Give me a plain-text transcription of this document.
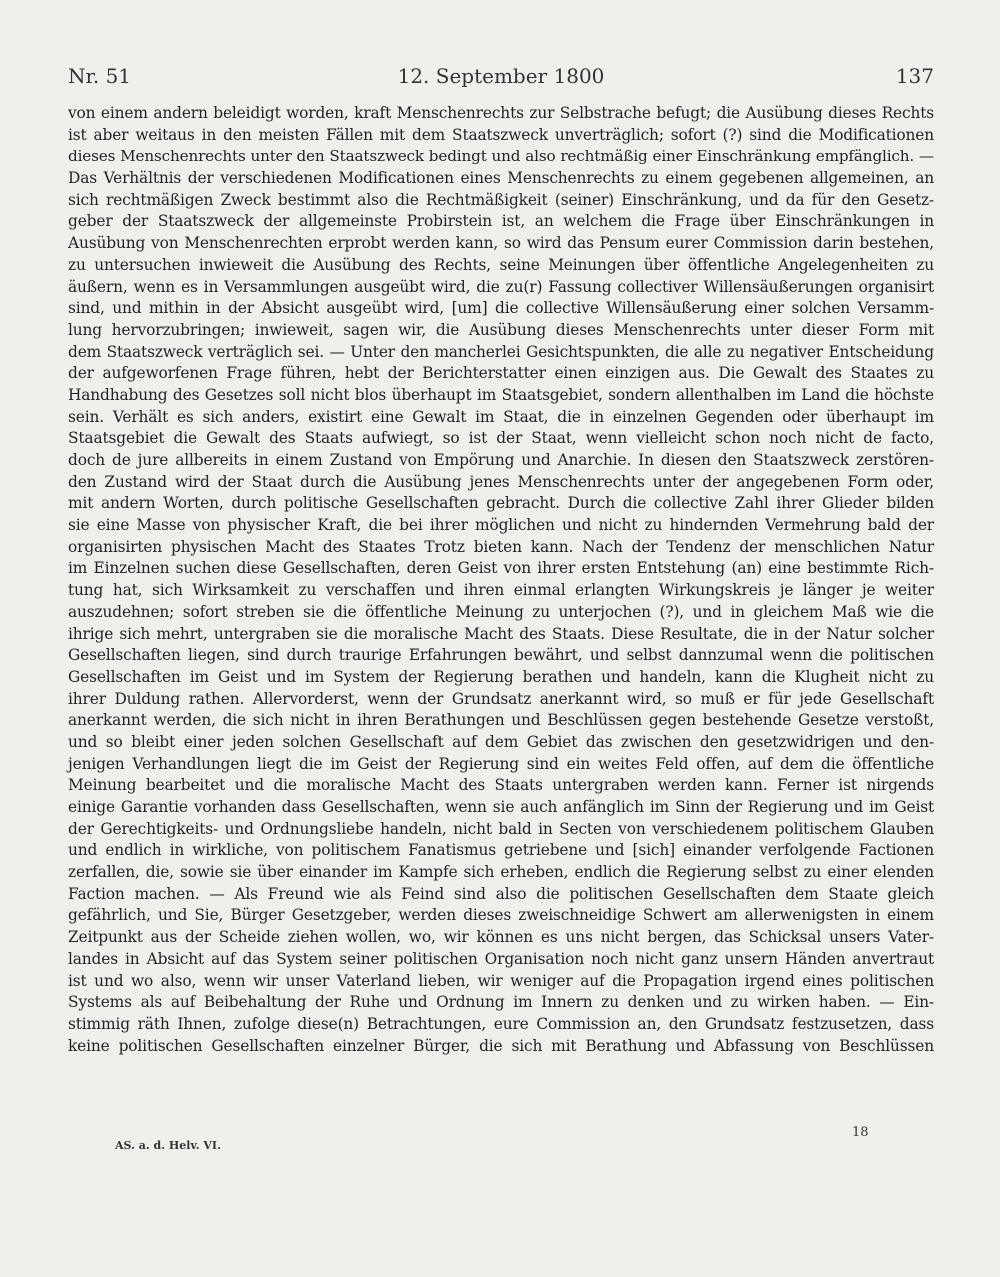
Nr. 51	12. September 1800	137
von einem andern beleidigt worden, kraft Menschenrechts zur Selbstrache befugt; die Ausübung dieses Rechts
ist aber weitaus in den meisten Fällen mit dem Staatszweck unverträglich; sofort (?) sind die Modificationen
dieses Menschenrechts unter den Staatszweck bedingt und also rechtmäßig einer Einschränkung empfänglich. —
Das Verhältnis der verschiedenen Modificationen eines Menschenrechts zu einem gegebenen allgemeinen, an
sich rechtmäßigen Zweck bestimmt also die Rechtmäßigkeit (seiner) Einschränkung, und da für den Gesetz-
geber der Staatszweck der allgemeinste Probirstein ist, an welchem die Frage über Einschränkungen in
Ausübung von Menschenrechten erprobt werden kann, so wird das Pensum eurer Commission darin bestehen,
zu untersuchen inwieweit die Ausübung des Rechts, seine Meinungen über öffentliche Angelegenheiten zu
äußern, wenn es in Versammlungen ausgeübt wird, die zu(r) Fassung collectiver Willensäußerungen organisirt
sind, und mithin in der Absicht ausgeübt wird, [um] die collective Willensäußerung einer solchen Versamm-
lung hervorzubringen; inwieweit, sagen wir, die Ausübung dieses Menschenrechts unter dieser Form mit
dem Staatszweck verträglich sei. — Unter den mancherlei Gesichtspunkten, die alle zu negativer Entscheidung
der aufgeworfenen Frage führen, hebt der Berichterstatter einen einzigen aus. Die Gewalt des Staates zu
Handhabung des Gesetzes soll nicht blos überhaupt im Staatsgebiet, sondern allenthalben im Land die höchste
sein. Verhält es sich anders, existirt eine Gewalt im Staat, die in einzelnen Gegenden oder überhaupt im
Staatsgebiet die Gewalt des Staats aufwiegt, so ist der Staat, wenn vielleicht schon noch nicht de facto,
doch de jure allbereits in einem Zustand von Empörung und Anarchie. In diesen den Staatszweck zerstören-
den Zustand wird der Staat durch die Ausübung jenes Menschenrechts unter der angegebenen Form oder,
mit andern Worten, durch politische Gesellschaften gebracht. Durch die collective Zahl ihrer Glieder bilden
sie eine Masse von physischer Kraft, die bei ihrer möglichen und nicht zu hindernden Vermehrung bald der
organisirten physischen Macht des Staates Trotz bieten kann. Nach der Tendenz der menschlichen Natur
im Einzelnen suchen diese Gesellschaften, deren Geist von ihrer ersten Entstehung (an) eine bestimmte Rich-
tung hat, sich Wirksamkeit zu verschaffen und ihren einmal erlangten Wirkungskreis je länger je weiter
auszudehnen; sofort streben sie die öffentliche Meinung zu unterjochen (?), und in gleichem Maß wie die
ihrige sich mehrt, untergraben sie die moralische Macht des Staats. Diese Resultate, die in der Natur solcher
Gesellschaften liegen, sind durch traurige Erfahrungen bewährt, und selbst dannzumal wenn die politischen
Gesellschaften im Geist und im System der Regierung berathen und handeln, kann die Klugheit nicht zu
ihrer Duldung rathen. Allervorderst, wenn der Grundsatz anerkannt wird, so muß er für jede Gesellschaft
anerkannt werden, die sich nicht in ihren Berathungen und Beschlüssen gegen bestehende Gesetze verstoßt,
und so bleibt einer jeden solchen Gesellschaft auf dem Gebiet das zwischen den gesetzwidrigen und den-
jenigen Verhandlungen liegt die im Geist der Regierung sind ein weites Feld offen, auf dem die öffentliche
Meinung bearbeitet und die moralische Macht des Staats untergraben werden kann. Ferner ist nirgends
einige Garantie vorhanden dass Gesellschaften, wenn sie auch anfänglich im Sinn der Regierung und im Geist
der Gerechtigkeits- und Ordnungsliebe handeln, nicht bald in Secten von verschiedenem politischem Glauben
und endlich in wirkliche, von politischem Fanatismus getriebene und [sich] einander verfolgende Factionen
zerfallen, die, sowie sie über einander im Kampfe sich erheben, endlich die Regierung selbst zu einer elenden
Faction machen. — Als Freund wie als Feind sind also die politischen Gesellschaften dem Staate gleich
gefährlich, und Sie, Bürger Gesetzgeber, werden dieses zweischneidige Schwert am allerwenigsten in einem
Zeitpunkt aus der Scheide ziehen wollen, wo, wir können es uns nicht bergen, das Schicksal unsers Vater-
landes in Absicht auf das System seiner politischen Organisation noch nicht ganz unsern Händen anvertraut
ist und wo also, wenn wir unser Vaterland lieben, wir weniger auf die Propagation irgend eines politischen
Systems als auf Beibehaltung der Ruhe und Ordnung im Innern zu denken und zu wirken haben. — Ein-
stimmig räth Ihnen, zufolge diese(n) Betrachtungen, eure Commission an, den Grundsatz festzusetzen, dass
keine politischen Gesellschaften einzelner Bürger, die sich mit Berathung und Abfassung von Beschlüssen
AS. a. d. Helv. VI.
18
